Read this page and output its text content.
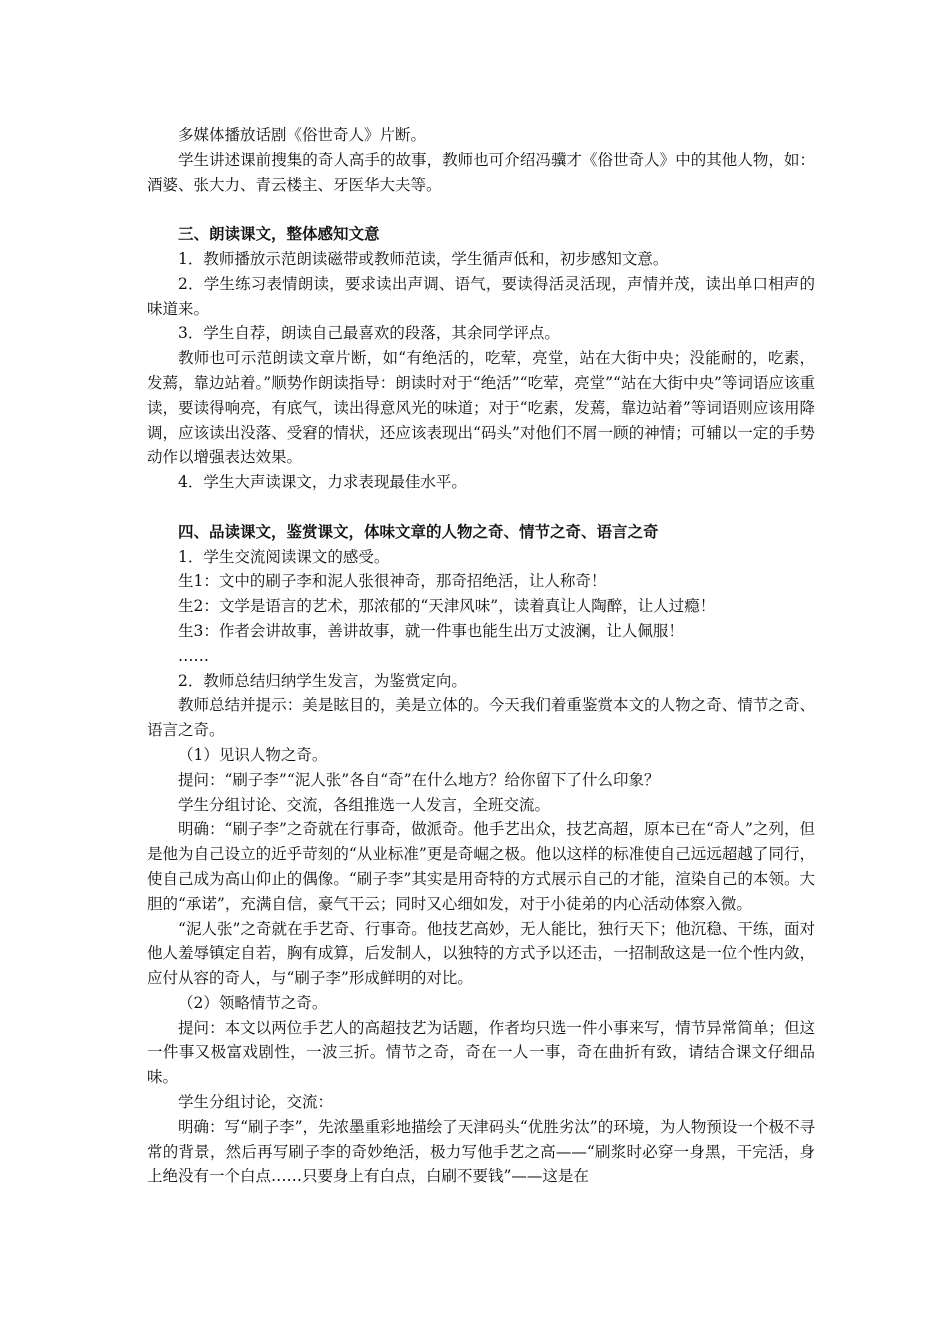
多媒体播放话剧《俗世奇人》片断。

学生讲述课前搜集的奇人高手的故事，教师也可介绍冯骥才《俗世奇人》中的其他人物，如：酒婆、张大力、青云楼主、牙医华大夫等。

三、朗读课文，整体感知文意

1．教师播放示范朗读磁带或教师范读，学生循声低和，初步感知文意。

2．学生练习表情朗读，要求读出声调、语气，要读得活灵活现，声情并茂，读出单口相声的味道来。

3．学生自荐，朗读自己最喜欢的段落，其余同学评点。

教师也可示范朗读文章片断，如“有绝活的，吃荤，亮堂，站在大街中央；没能耐的，吃素，发蔫，靠边站着。”顺势作朗读指导：朗读时对于“绝活”“吃荤，亮堂”“站在大街中央”等词语应该重读，要读得响亮，有底气，读出得意风光的味道；对于“吃素，发蔫，靠边站着”等词语则应该用降调，应该读出没落、受窘的情状，还应该表现出“码头”对他们不屑一顾的神情；可辅以一定的手势动作以增强表达效果。

4．学生大声读课文，力求表现最佳水平。

四、品读课文，鉴赏课文，体味文章的人物之奇、情节之奇、语言之奇

1．学生交流阅读课文的感受。

生1：文中的刷子李和泥人张很神奇，那奇招绝活，让人称奇！

生2：文学是语言的艺术，那浓郁的“天津风味”，读着真让人陶醉，让人过瘾！

生3：作者会讲故事，善讲故事，就一件事也能生出万丈波澜，让人佩服！

……

2．教师总结归纳学生发言，为鉴赏定向。

教师总结并提示：美是眩目的，美是立体的。今天我们着重鉴赏本文的人物之奇、情节之奇、语言之奇。

（1）见识人物之奇。

提问：“刷子李”“泥人张”各自“奇”在什么地方？给你留下了什么印象？

学生分组讨论、交流，各组推选一人发言，全班交流。

明确：“刷子李”之奇就在行事奇，做派奇。他手艺出众，技艺高超，原本已在“奇人”之列，但是他为自己设立的近乎苛刻的“从业标准”更是奇崛之极。他以这样的标准使自己远远超越了同行，使自己成为高山仰止的偶像。“刷子李”其实是用奇特的方式展示自己的才能，渲染自己的本领。大胆的“承诺”，充满自信，豪气干云；同时又心细如发，对于小徒弟的内心活动体察入微。

“泥人张”之奇就在手艺奇、行事奇。他技艺高妙，无人能比，独行天下；他沉稳、干练，面对他人羞辱镇定自若，胸有成算，后发制人，以独特的方式予以还击，一招制敌这是一位个性内敛，应付从容的奇人，与“刷子李”形成鲜明的对比。

（2）领略情节之奇。

提问：本文以两位手艺人的高超技艺为话题，作者均只选一件小事来写，情节异常简单；但这一件事又极富戏剧性，一波三折。情节之奇，奇在一人一事，奇在曲折有致，请结合课文仔细品味。

学生分组讨论，交流：

明确：写“刷子李”，先浓墨重彩地描绘了天津码头“优胜劣汰”的环境，为人物预设一个极不寻常的背景，然后再写刷子李的奇妙绝活，极力写他手艺之高——“刷浆时必穿一身黑，干完活，身上绝没有一个白点……只要身上有白点，白刷不要钱”——这是在
